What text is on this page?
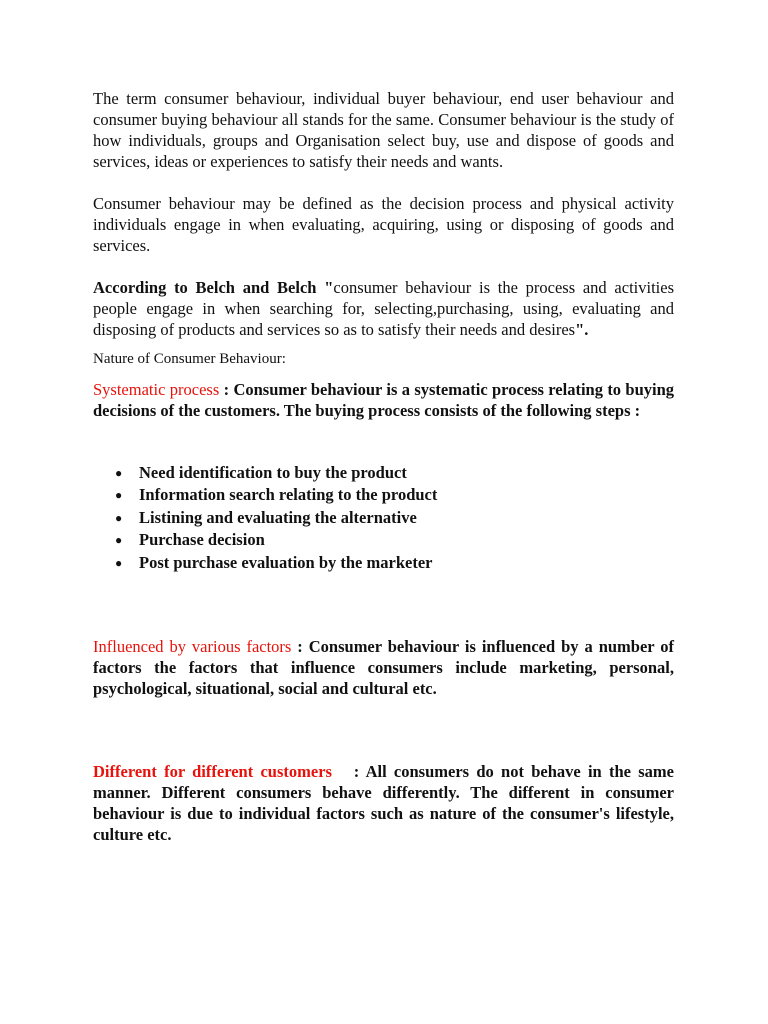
The term consumer behaviour, individual buyer behaviour, end user behaviour and consumer buying behaviour all stands for the same. Consumer behaviour is the study of how individuals, groups and Organisation select buy, use and dispose of goods and services, ideas or experiences to satisfy their needs and wants.

Consumer behaviour may be defined as the decision process and physical activity individuals engage in when evaluating, acquiring, using or disposing of goods and services.

According to Belch and Belch "consumer behaviour is the process and activities people engage in when searching for, selecting,purchasing, using, evaluating and disposing of products and services so as to satisfy their needs and desires".

Nature of Consumer Behaviour:

Systematic process : Consumer behaviour is a systematic process relating to buying decisions of the customers. The buying process consists of the following steps :

● Need identification to buy the product
● Information search relating to the product
● Listining and evaluating the alternative
● Purchase decision
● Post purchase evaluation by the marketer

Influenced by various factors : Consumer behaviour is influenced by a number of factors the factors that influence consumers include marketing, personal, psychological, situational, social and cultural etc.

Different for different customers   : All consumers do not behave in the same manner. Different consumers behave differently. The different in consumer behaviour is due to individual factors such as nature of the consumer's lifestyle, culture etc.
